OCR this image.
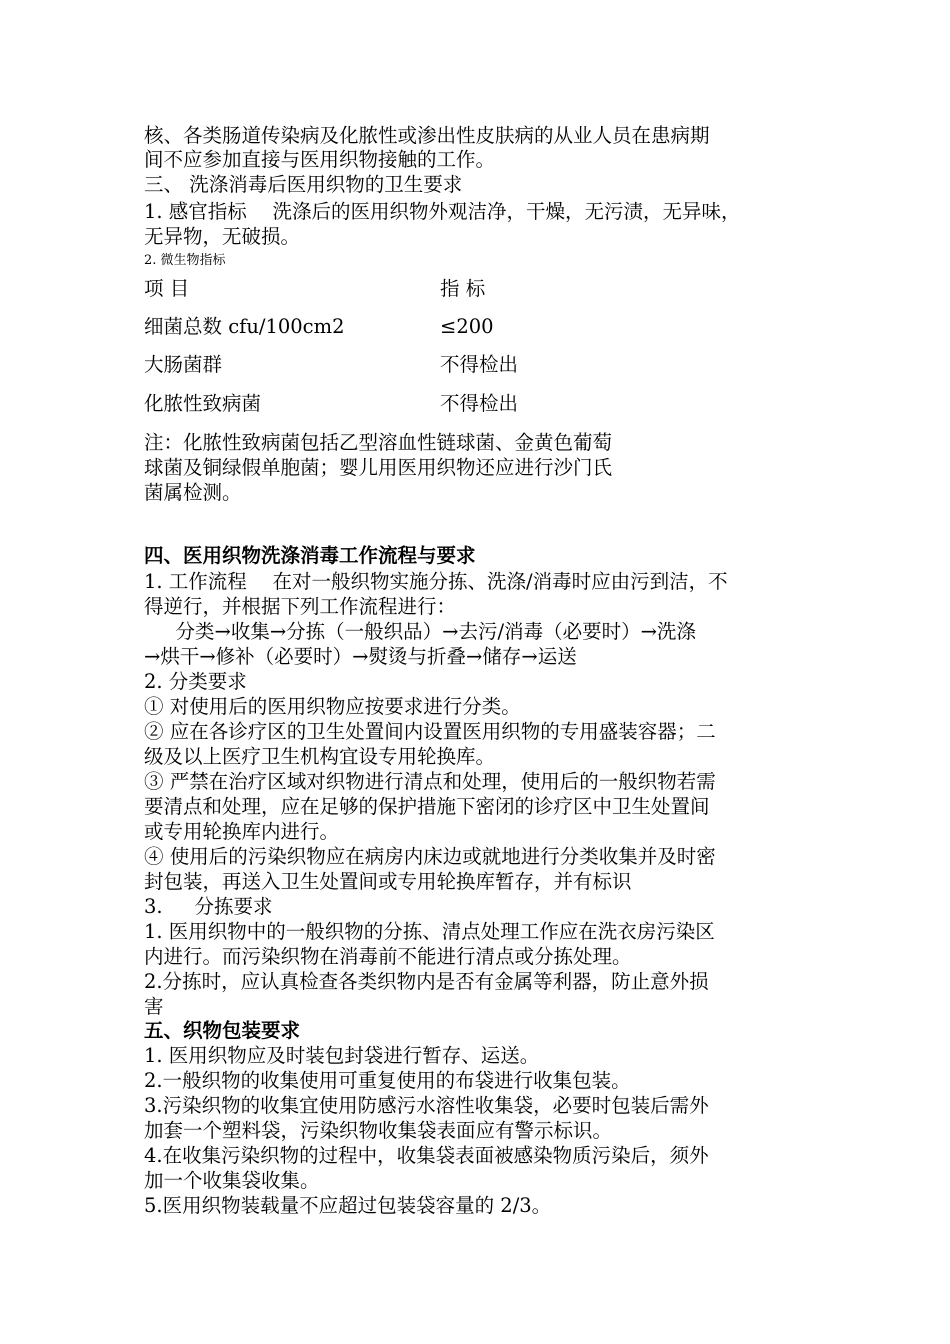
核、各类肠道传染病及化脓性或渗出性皮肤病的从业人员在患病期
间不应参加直接与医用织物接触的工作。
三、 洗涤消毒后医用织物的卫生要求
1. 感官指标 　洗涤后的医用织物外观洁净，干燥，无污渍，无异味，
无异物，无破损。
2. 微生物指标
项 目	指 标
细菌总数 cfu/100cm2	≤200
大肠菌群	不得检出
化脓性致病菌	不得检出
注：化脓性致病菌包括乙型溶血性链球菌、金黄色葡萄
球菌及铜绿假单胞菌；婴儿用医用织物还应进行沙门氏
菌属检测。
四、医用织物洗涤消毒工作流程与要求
1. 工作流程 　在对一般织物实施分拣、洗涤/消毒时应由污到洁，不
得逆行，并根据下列工作流程进行：
　分类→收集→分拣（一般织品）→去污/消毒（必要时）→洗涤
→烘干→修补（必要时）→熨烫与折叠→储存→运送
2. 分类要求
① 对使用后的医用织物应按要求进行分类。
② 应在各诊疗区的卫生处置间内设置医用织物的专用盛装容器；二
级及以上医疗卫生机构宜设专用轮换库。
③ 严禁在治疗区域对织物进行清点和处理，使用后的一般织物若需
要清点和处理，应在足够的保护措施下密闭的诊疗区中卫生处置间
或专用轮换库内进行。
④ 使用后的污染织物应在病房内床边或就地进行分类收集并及时密
封包装，再送入卫生处置间或专用轮换库暂存，并有标识
3. 　 分拣要求
1. 医用织物中的一般织物的分拣、清点处理工作应在洗衣房污染区
内进行。而污染织物在消毒前不能进行清点或分拣处理。
2.分拣时，应认真检查各类织物内是否有金属等利器，防止意外损
害
五、织物包装要求
1. 医用织物应及时装包封袋进行暂存、运送。
2.一般织物的收集使用可重复使用的布袋进行收集包装。
3.污染织物的收集宜使用防感污水溶性收集袋，必要时包装后需外
加套一个塑料袋，污染织物收集袋表面应有警示标识。
4.在收集污染织物的过程中，收集袋表面被感染物质污染后，须外
加一个收集袋收集。
5.医用织物装载量不应超过包装袋容量的 2/3。
